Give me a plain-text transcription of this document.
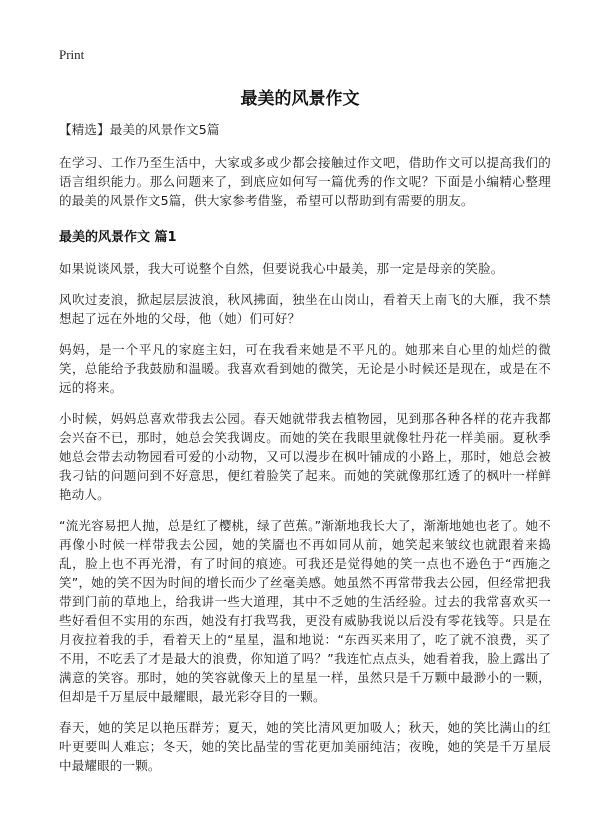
Print
最美的风景作文

【精选】最美的风景作文5篇

在学习、工作乃至生活中，大家或多或少都会接触过作文吧，借助作文可以提高我们的语言组织能力。那么问题来了，到底应如何写一篇优秀的作文呢？下面是小编精心整理的最美的风景作文5篇，供大家参考借鉴，希望可以帮助到有需要的朋友。

最美的风景作文 篇1

如果说谈风景，我大可说整个自然，但要说我心中最美，那一定是母亲的笑脸。

风吹过麦浪，掀起层层波浪，秋风拂面，独坐在山岗山，看着天上南飞的大雁，我不禁想起了远在外地的父母，他（她）们可好？

妈妈，是一个平凡的家庭主妇，可在我看来她是不平凡的。她那来自心里的灿烂的微笑，总能给予我鼓励和温暖。我喜欢看到她的微笑，无论是小时候还是现在，或是在不远的将来。

小时候，妈妈总喜欢带我去公园。春天她就带我去植物园，见到那各种各样的花卉我都会兴奋不已，那时，她总会笑我调皮。而她的笑在我眼里就像牡丹花一样美丽。夏秋季她总会带去动物园看可爱的小动物，又可以漫步在枫叶铺成的小路上，那时，她总会被我刁钻的问题问到不好意思，便红着脸笑了起来。而她的笑就像那红透了的枫叶一样鲜艳动人。

“流光容易把人抛，总是红了樱桃，绿了芭蕉。”渐渐地我长大了，渐渐地她也老了。她不再像小时候一样带我去公园，她的笑靥也不再如同从前，她笑起来皱纹也就跟着来捣乱，脸上也不再光滑，有了时间的痕迹。可我还是觉得她的笑一点也不逊色于“西施之笑”，她的笑不因为时间的增长而少了丝毫美感。她虽然不再常带我去公园，但经常把我带到门前的草地上，给我讲一些大道理，其中不乏她的生活经验。过去的我常喜欢买一些好看但不实用的东西，她没有打我骂我，更没有威胁我说以后没有零花钱等。只是在月夜拉着我的手，看着天上的“星星，温和地说：“东西买来用了，吃了就不浪费，买了不用，不吃丢了才是最大的浪费，你知道了吗？”我连忙点点头，她看着我，脸上露出了满意的笑容。那时，她的笑容就像天上的星星一样，虽然只是千万颗中最渺小的一颗，但却是千万星辰中最耀眼，最光彩夺目的一颗。

春天，她的笑足以艳压群芳；夏天，她的笑比清风更加吸人；秋天，她的笑比满山的红叶更要叫人难忘；冬天，她的笑比晶莹的雪花更加美丽纯洁；夜晚，她的笑是千万星辰中最耀眼的一颗。
